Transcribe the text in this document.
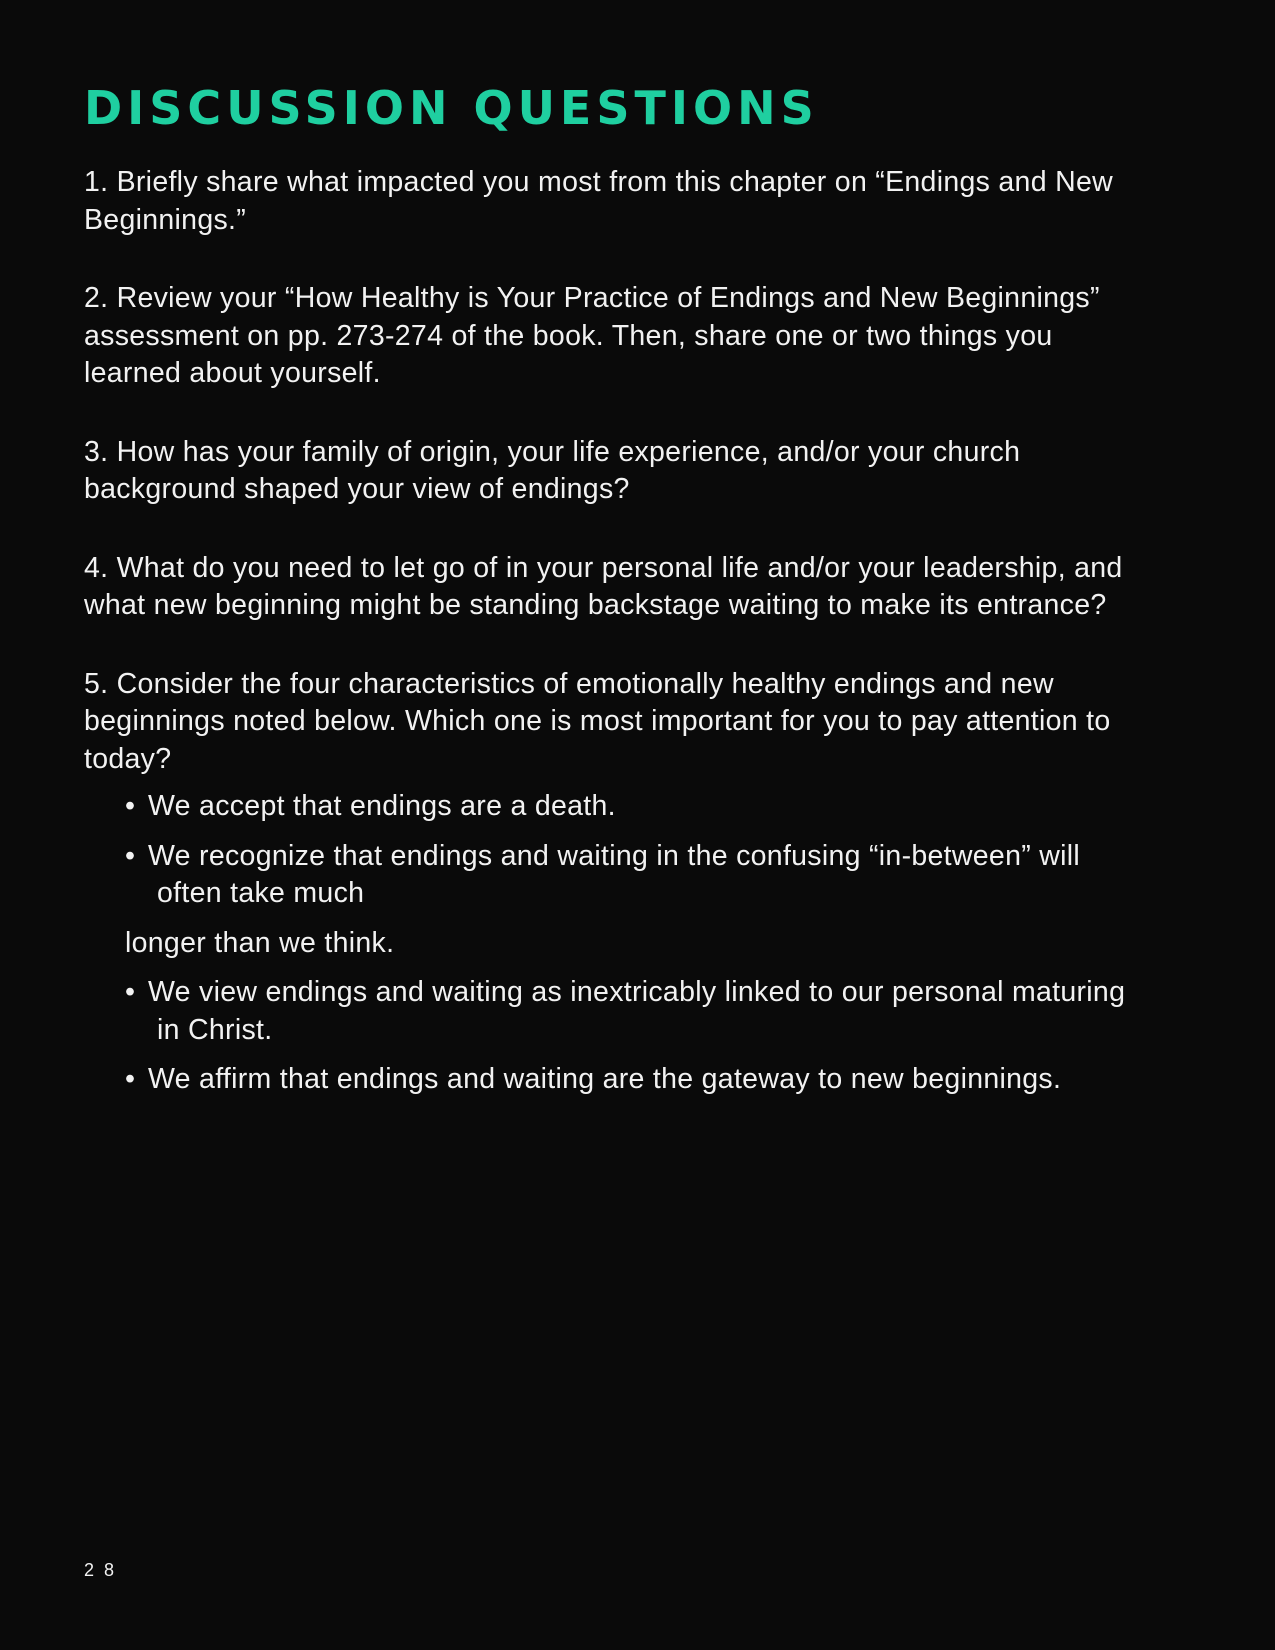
DISCUSSION QUESTIONS

1. Briefly share what impacted you most from this chapter on “Endings and New Beginnings.”

2. Review your “How Healthy is Your Practice of Endings and New Beginnings” assessment on pp. 273-274 of the book. Then, share one or two things you learned about yourself.

3. How has your family of origin, your life experience, and/or your church background shaped your view of endings?

4. What do you need to let go of in your personal life and/or your leadership, and what new beginning might be standing backstage waiting to make its entrance?

5. Consider the four characteristics of emotionally healthy endings and new beginnings noted below. Which one is most important for you to pay attention to today?

• We accept that endings are a death.
• We recognize that endings and waiting in the confusing “in-between” will often take much
longer than we think.
• We view endings and waiting as inextricably linked to our personal maturing in Christ.
• We affirm that endings and waiting are the gateway to new beginnings.
28
